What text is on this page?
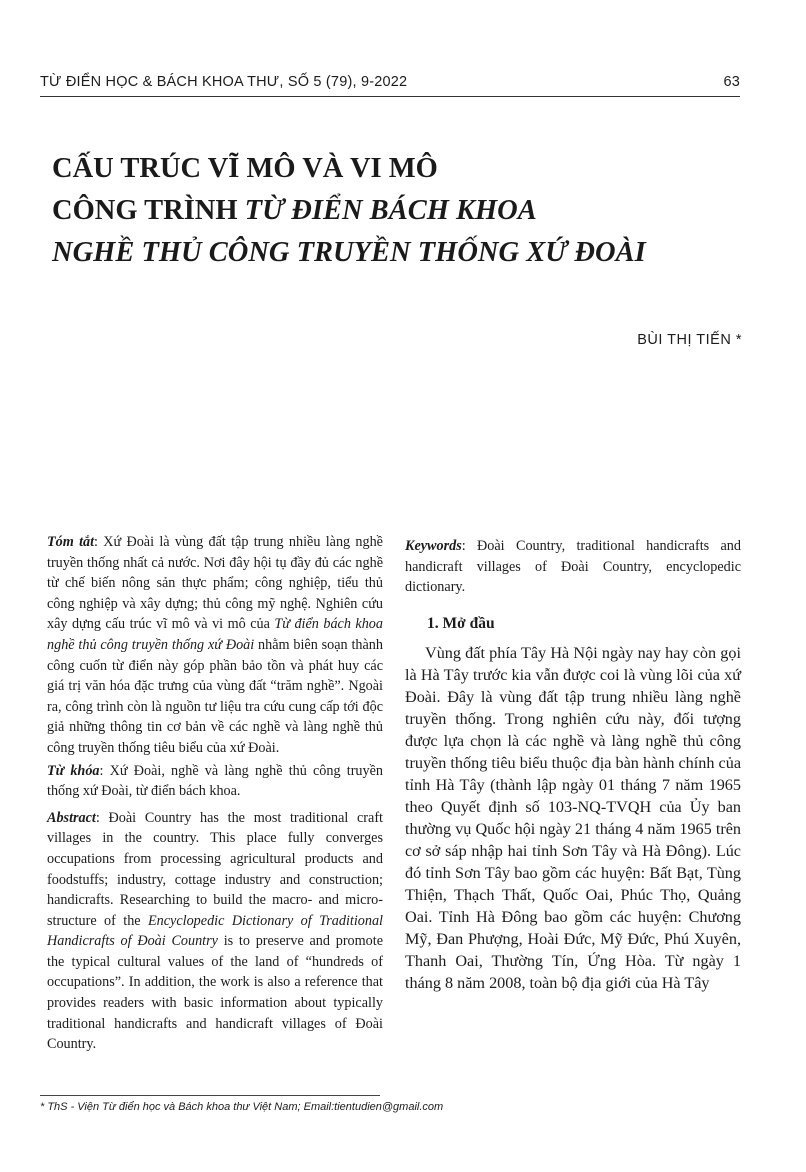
TỪ ĐIỂN HỌC & BÁCH KHOA THƯ, SỐ 5 (79), 9-2022	63
CẤU TRÚC VĨ MÔ VÀ VI MÔ
CÔNG TRÌNH TỪ ĐIỂN BÁCH KHOA
NGHỀ THỦ CÔNG TRUYỀN THỐNG XỨ ĐOÀI
BÙI THỊ TIẾN *

Tóm tắt: Xứ Đoài là vùng đất tập trung nhiều làng nghề truyền thống nhất cả nước. Nơi đây hội tụ đầy đủ các nghề từ chế biến nông sản thực phẩm; công nghiệp, tiểu thủ công nghiệp và xây dựng; thủ công mỹ nghệ. Nghiên cứu xây dựng cấu trúc vĩ mô và vi mô của Từ điển bách khoa nghề thủ công truyền thống xứ Đoài nhằm biên soạn thành công cuốn từ điển này góp phần bảo tồn và phát huy các giá trị văn hóa đặc trưng của vùng đất “trăm nghề”. Ngoài ra, công trình còn là nguồn tư liệu tra cứu cung cấp tới độc giả những thông tin cơ bản về các nghề và làng nghề thủ công truyền thống tiêu biểu của xứ Đoài.

Từ khóa: Xứ Đoài, nghề và làng nghề thủ công truyền thống xứ Đoài, từ điển bách khoa.

Abstract: Đoài Country has the most traditional craft villages in the country. This place fully converges occupations from processing agricultural products and foodstuffs; industry, cottage industry and construction; handicrafts. Researching to build the macro- and micro-structure of the Encyclopedic Dictionary of Traditional Handicrafts of Đoài Country is to preserve and promote the typical cultural values of the land of “hundreds of occupations”. In addition, the work is also a reference that provides readers with basic information about typically traditional handicrafts and handicraft villages of Đoài Country.

Keywords: Đoài Country, traditional handicrafts and handicraft villages of Đoài Country, encyclopedic dictionary.

1. Mở đầu

Vùng đất phía Tây Hà Nội ngày nay hay còn gọi là Hà Tây trước kia vẫn được coi là vùng lõi của xứ Đoài. Đây là vùng đất tập trung nhiều làng nghề truyền thống. Trong nghiên cứu này, đối tượng được lựa chọn là các nghề và làng nghề thủ công truyền thống tiêu biểu thuộc địa bàn hành chính của tỉnh Hà Tây (thành lập ngày 01 tháng 7 năm 1965 theo Quyết định số 103-NQ-TVQH của Ủy ban thường vụ Quốc hội ngày 21 tháng 4 năm 1965 trên cơ sở sáp nhập hai tỉnh Sơn Tây và Hà Đông). Lúc đó tỉnh Sơn Tây bao gồm các huyện: Bất Bạt, Tùng Thiện, Thạch Thất, Quốc Oai, Phúc Thọ, Quảng Oai. Tỉnh Hà Đông bao gồm các huyện: Chương Mỹ, Đan Phượng, Hoài Đức, Mỹ Đức, Phú Xuyên, Thanh Oai, Thường Tín, Ứng Hòa. Từ ngày 1 tháng 8 năm 2008, toàn bộ địa giới của Hà Tây

* ThS - Viện Từ điển học và Bách khoa thư Việt Nam; Email:tientudien@gmail.com
